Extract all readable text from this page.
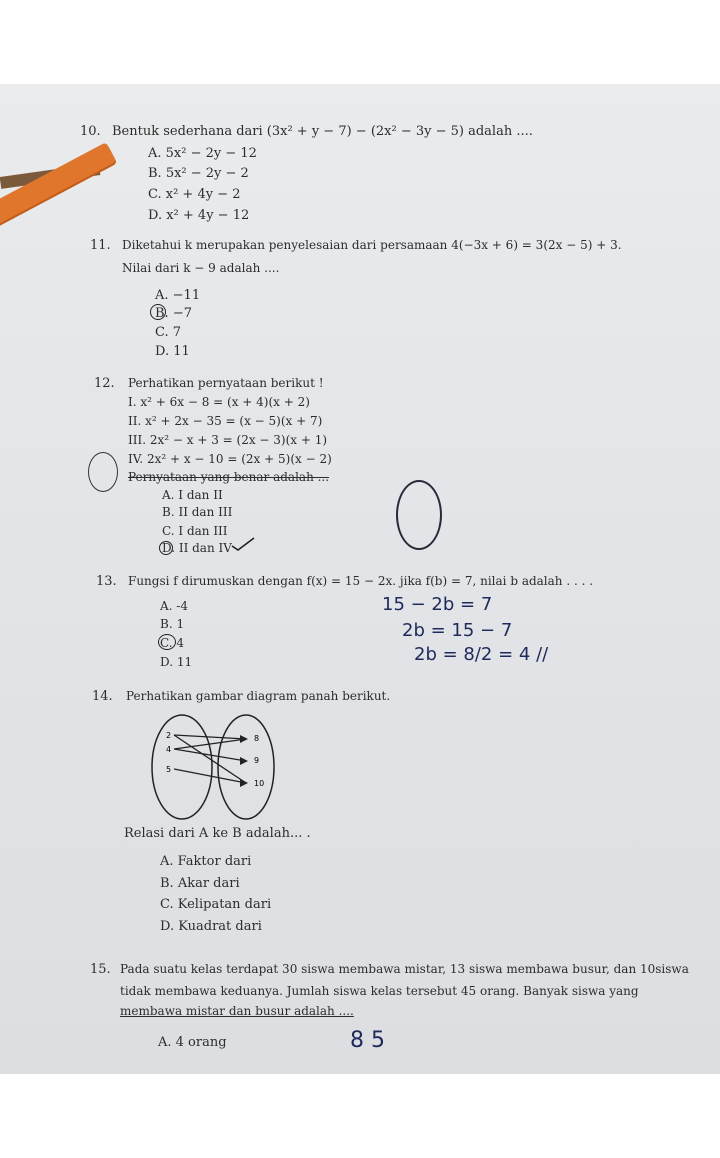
10. Bentuk sederhana dari (3x² + y − 7) − (2x² − 3y − 5) adalah ....
A. 5x² − 2y − 12
B. 5x² − 2y − 2
C. x² + 4y − 2
D. x² + 4y − 12
11. Diketahui k merupakan penyelesaian dari persamaan 4(−3x + 6) = 3(2x − 5) + 3.
Nilai dari k − 9 adalah ....
A. −11
B. −7
C. 7
D. 11
12. Perhatikan pernyataan berikut !
I. x² + 6x − 8 = (x + 4)(x + 2)
II. x² + 2x − 35 = (x − 5)(x + 7)
III. 2x² − x + 3 = (2x − 3)(x + 1)
IV. 2x² + x − 10 = (2x + 5)(x − 2)
Pernyataan yang benar adalah ...
A. I dan II
B. II dan III
C. I dan III
D. II dan IV
13. Fungsi f dirumuskan dengan f(x) = 15 − 2x. jika f(b) = 7, nilai b adalah . . . .
A. -4
B. 1
C. 4
D. 11
15 − 2b = 7
2b = 15 − 7
2b = 8/2 = 4 //
14. Perhatikan gambar diagram panah berikut.
Relasi dari A ke B adalah... .
A. Faktor dari
B. Akar dari
C. Kelipatan dari
D. Kuadrat dari
15. Pada suatu kelas terdapat 30 siswa membawa mistar, 13 siswa membawa busur, dan 10siswa
tidak membawa keduanya. Jumlah siswa kelas tersebut 45 orang. Banyak siswa yang
membawa mistar dan busur adalah ....
A. 4 orang	8 5
2
4
5
8
9
10
